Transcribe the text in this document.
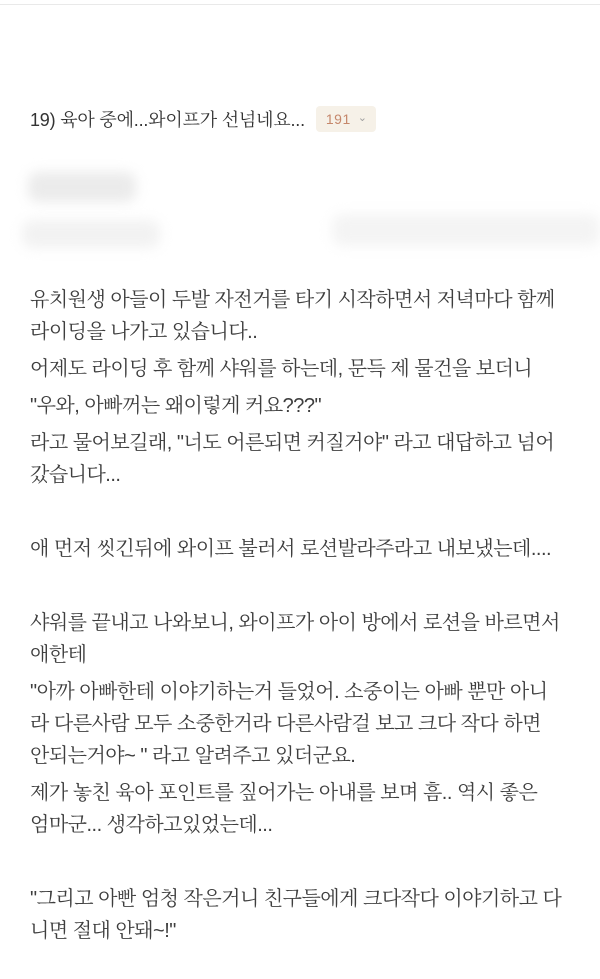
19) 육아 중에...와이프가 선넘네요... 191 ⌄
유치원생 아들이 두발 자전거를 타기 시작하면서 저녁마다 함께
라이딩을 나가고 있습니다..
어제도 라이딩 후 함께 샤워를 하는데, 문득 제 물건을 보더니
"우와, 아빠꺼는 왜이렇게 커요???"
라고 물어보길래, "너도 어른되면 커질거야" 라고 대답하고 넘어
갔습니다...
애 먼저 씻긴뒤에 와이프 불러서 로션발라주라고 내보냈는데....
샤워를 끝내고 나와보니, 와이프가 아이 방에서 로션을 바르면서
애한테
"아까 아빠한테 이야기하는거 들었어. 소중이는 아빠 뿐만 아니
라 다른사람 모두 소중한거라 다른사람걸 보고 크다 작다 하면
안되는거야~ " 라고 알려주고 있더군요.
제가 놓친 육아 포인트를 짚어가는 아내를 보며 흠.. 역시 좋은
엄마군... 생각하고있었는데...
"그리고 아빤 엄청 작은거니 친구들에게 크다작다 이야기하고 다
니면 절대 안돼~!"
